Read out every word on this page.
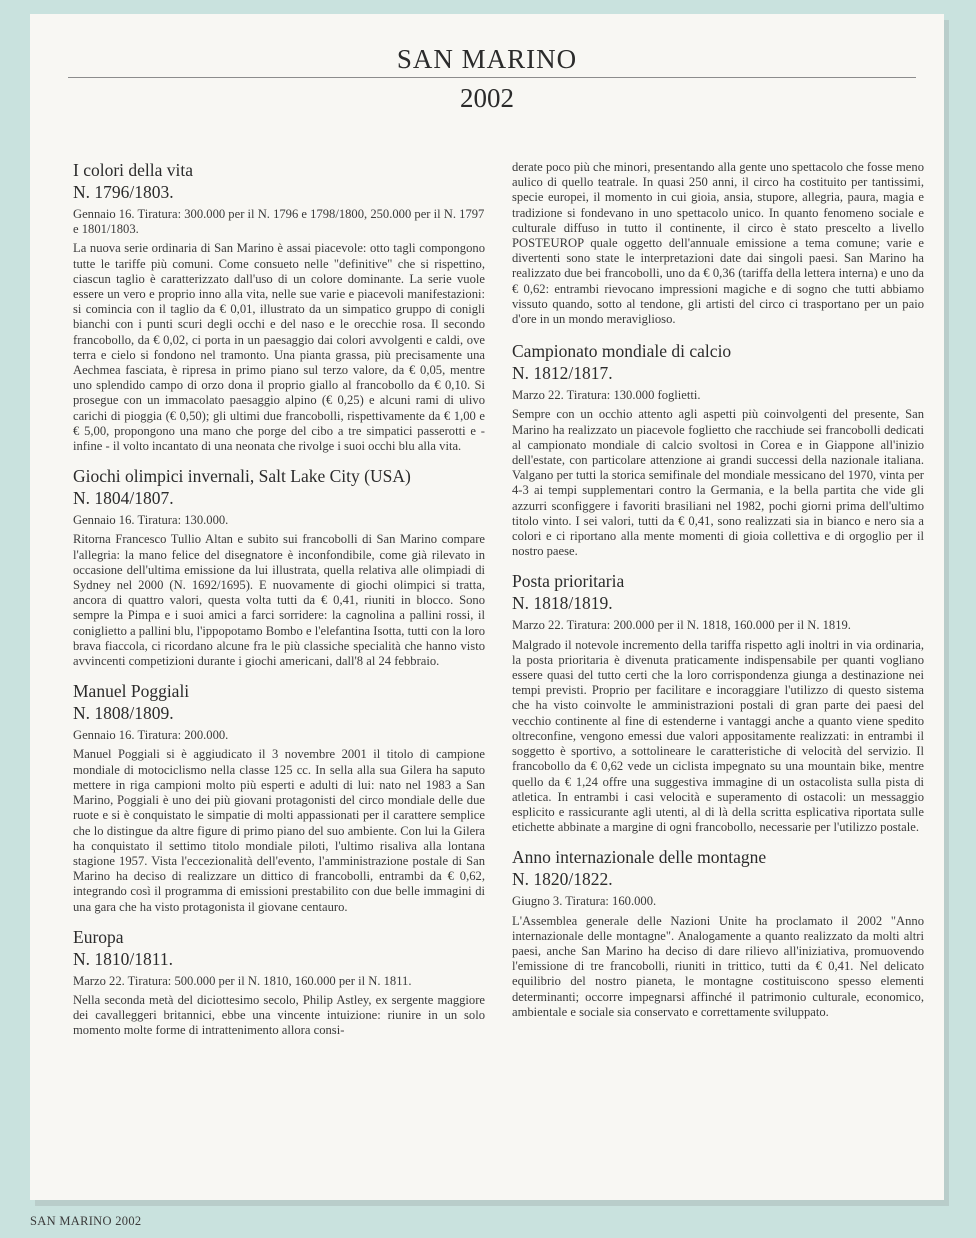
SAN MARINO
2002
I colori della vita
N. 1796/1803.

Gennaio 16. Tiratura: 300.000 per il N. 1796 e 1798/1800, 250.000 per il N. 1797 e 1801/1803.

La nuova serie ordinaria di San Marino è assai piacevole: otto tagli compongono tutte le tariffe più comuni. Come consueto nelle "definitive" che si rispettino, ciascun taglio è caratterizzato dall'uso di un colore dominante. La serie vuole essere un vero e proprio inno alla vita, nelle sue varie e piacevoli manifestazioni: si comincia con il taglio da € 0,01, illustrato da un simpatico gruppo di conigli bianchi con i punti scuri degli occhi e del naso e le orecchie rosa. Il secondo francobollo, da € 0,02, ci porta in un paesaggio dai colori avvolgenti e caldi, ove terra e cielo si fondono nel tramonto. Una pianta grassa, più precisamente una Aechmea fasciata, è ripresa in primo piano sul terzo valore, da € 0,05, mentre uno splendido campo di orzo dona il proprio giallo al francobollo da € 0,10. Si prosegue con un immacolato paesaggio alpino (€ 0,25) e alcuni rami di ulivo carichi di pioggia (€ 0,50); gli ultimi due francobolli, rispettivamente da € 1,00 e € 5,00, propongono una mano che porge del cibo a tre simpatici passerotti e - infine - il volto incantato di una neonata che rivolge i suoi occhi blu alla vita.

Giochi olimpici invernali, Salt Lake City (USA)
N. 1804/1807.

Gennaio 16. Tiratura: 130.000.

Ritorna Francesco Tullio Altan e subito sui francobolli di San Marino compare l'allegria: la mano felice del disegnatore è inconfondibile, come già rilevato in occasione dell'ultima emissione da lui illustrata, quella relativa alle olimpiadi di Sydney nel 2000 (N. 1692/1695). E nuovamente di giochi olimpici si tratta, ancora di quattro valori, questa volta tutti da € 0,41, riuniti in blocco. Sono sempre la Pimpa e i suoi amici a farci sorridere: la cagnolina a pallini rossi, il coniglietto a pallini blu, l'ippopotamo Bombo e l'elefantina Isotta, tutti con la loro brava fiaccola, ci ricordano alcune fra le più classiche specialità che hanno visto avvincenti competizioni durante i giochi americani, dall'8 al 24 febbraio.

Manuel Poggiali
N. 1808/1809.

Gennaio 16. Tiratura: 200.000.

Manuel Poggiali si è aggiudicato il 3 novembre 2001 il titolo di campione mondiale di motociclismo nella classe 125 cc. In sella alla sua Gilera ha saputo mettere in riga campioni molto più esperti e adulti di lui: nato nel 1983 a San Marino, Poggiali è uno dei più giovani protagonisti del circo mondiale delle due ruote e si è conquistato le simpatie di molti appassionati per il carattere semplice che lo distingue da altre figure di primo piano del suo ambiente. Con lui la Gilera ha conquistato il settimo titolo mondiale piloti, l'ultimo risaliva alla lontana stagione 1957. Vista l'eccezionalità dell'evento, l'amministrazione postale di San Marino ha deciso di realizzare un dittico di francobolli, entrambi da € 0,62, integrando così il programma di emissioni prestabilito con due belle immagini di una gara che ha visto protagonista il giovane centauro.

Europa
N. 1810/1811.

Marzo 22. Tiratura: 500.000 per il N. 1810, 160.000 per il N. 1811.

Nella seconda metà del diciottesimo secolo, Philip Astley, ex sergente maggiore dei cavalleggeri britannici, ebbe una vincente intuizione: riunire in un solo momento molte forme di intrattenimento allora consi-

derate poco più che minori, presentando alla gente uno spettacolo che fosse meno aulico di quello teatrale. In quasi 250 anni, il circo ha costituito per tantissimi, specie europei, il momento in cui gioia, ansia, stupore, allegria, paura, magia e tradizione si fondevano in uno spettacolo unico. In quanto fenomeno sociale e culturale diffuso in tutto il continente, il circo è stato prescelto a livello POSTEUROP quale oggetto dell'annuale emissione a tema comune; varie e divertenti sono state le interpretazioni date dai singoli paesi. San Marino ha realizzato due bei francobolli, uno da € 0,36 (tariffa della lettera interna) e uno da € 0,62: entrambi rievocano impressioni magiche e di sogno che tutti abbiamo vissuto quando, sotto al tendone, gli artisti del circo ci trasportano per un paio d'ore in un mondo meraviglioso.

Campionato mondiale di calcio
N. 1812/1817.

Marzo 22. Tiratura: 130.000 foglietti.

Sempre con un occhio attento agli aspetti più coinvolgenti del presente, San Marino ha realizzato un piacevole foglietto che racchiude sei francobolli dedicati al campionato mondiale di calcio svoltosi in Corea e in Giappone all'inizio dell'estate, con particolare attenzione ai grandi successi della nazionale italiana. Valgano per tutti la storica semifinale del mondiale messicano del 1970, vinta per 4-3 ai tempi supplementari contro la Germania, e la bella partita che vide gli azzurri sconfiggere i favoriti brasiliani nel 1982, pochi giorni prima dell'ultimo titolo vinto. I sei valori, tutti da € 0,41, sono realizzati sia in bianco e nero sia a colori e ci riportano alla mente momenti di gioia collettiva e di orgoglio per il nostro paese.

Posta prioritaria
N. 1818/1819.

Marzo 22. Tiratura: 200.000 per il N. 1818, 160.000 per il N. 1819.

Malgrado il notevole incremento della tariffa rispetto agli inoltri in via ordinaria, la posta prioritaria è divenuta praticamente indispensabile per quanti vogliano essere quasi del tutto certi che la loro corrispondenza giunga a destinazione nei tempi previsti. Proprio per facilitare e incoraggiare l'utilizzo di questo sistema che ha visto coinvolte le amministrazioni postali di gran parte dei paesi del vecchio continente al fine di estenderne i vantaggi anche a quanto viene spedito oltreconfine, vengono emessi due valori appositamente realizzati: in entrambi il soggetto è sportivo, a sottolineare le caratteristiche di velocità del servizio. Il francobollo da € 0,62 vede un ciclista impegnato su una mountain bike, mentre quello da € 1,24 offre una suggestiva immagine di un ostacolista sulla pista di atletica. In entrambi i casi velocità e superamento di ostacoli: un messaggio esplicito e rassicurante agli utenti, al di là della scritta esplicativa riportata sulle etichette abbinate a margine di ogni francobollo, necessarie per l'utilizzo postale.

Anno internazionale delle montagne
N. 1820/1822.

Giugno 3. Tiratura: 160.000.

L'Assemblea generale delle Nazioni Unite ha proclamato il 2002 "Anno internazionale delle montagne". Analogamente a quanto realizzato da molti altri paesi, anche San Marino ha deciso di dare rilievo all'iniziativa, promuovendo l'emissione di tre francobolli, riuniti in trittico, tutti da € 0,41. Nel delicato equilibrio del nostro pianeta, le montagne costituiscono spesso elementi determinanti; occorre impegnarsi affinché il patrimonio culturale, economico, ambientale e sociale sia conservato e correttamente sviluppato.

SAN MARINO 2002
